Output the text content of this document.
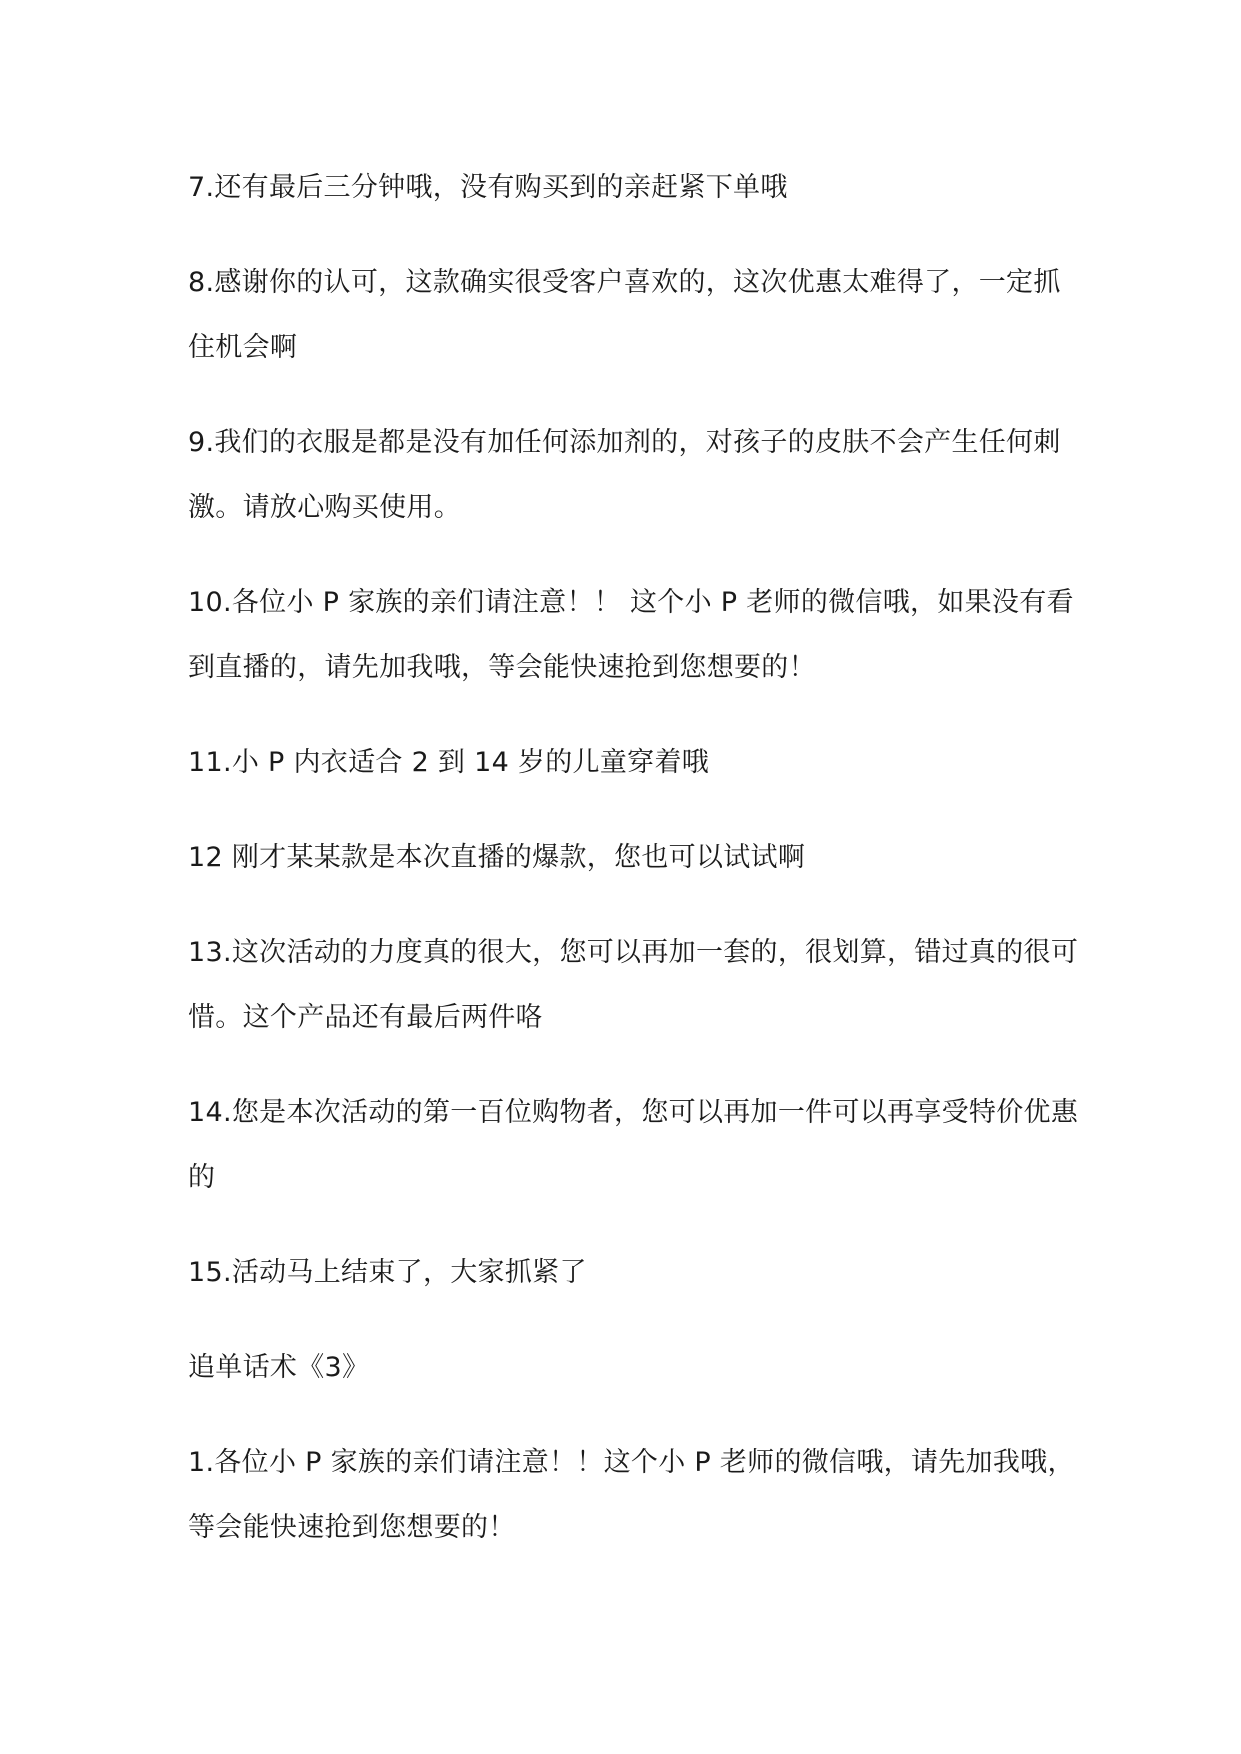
7.还有最后三分钟哦，没有购买到的亲赶紧下单哦

8.感谢你的认可，这款确实很受客户喜欢的，这次优惠太难得了，一定抓住机会啊

9.我们的衣服是都是没有加任何添加剂的，对孩子的皮肤不会产生任何刺激。请放心购买使用。

10.各位小 P 家族的亲们请注意！！ 这个小 P 老师的微信哦，如果没有看到直播的，请先加我哦，等会能快速抢到您想要的！

11.小 P 内衣适合 2 到 14 岁的儿童穿着哦

12 刚才某某款是本次直播的爆款，您也可以试试啊

13.这次活动的力度真的很大，您可以再加一套的，很划算，错过真的很可惜。这个产品还有最后两件咯

14.您是本次活动的第一百位购物者，您可以再加一件可以再享受特价优惠的

15.活动马上结束了，大家抓紧了

追单话术《3》

1.各位小 P 家族的亲们请注意！！这个小 P 老师的微信哦，请先加我哦，等会能快速抢到您想要的！
